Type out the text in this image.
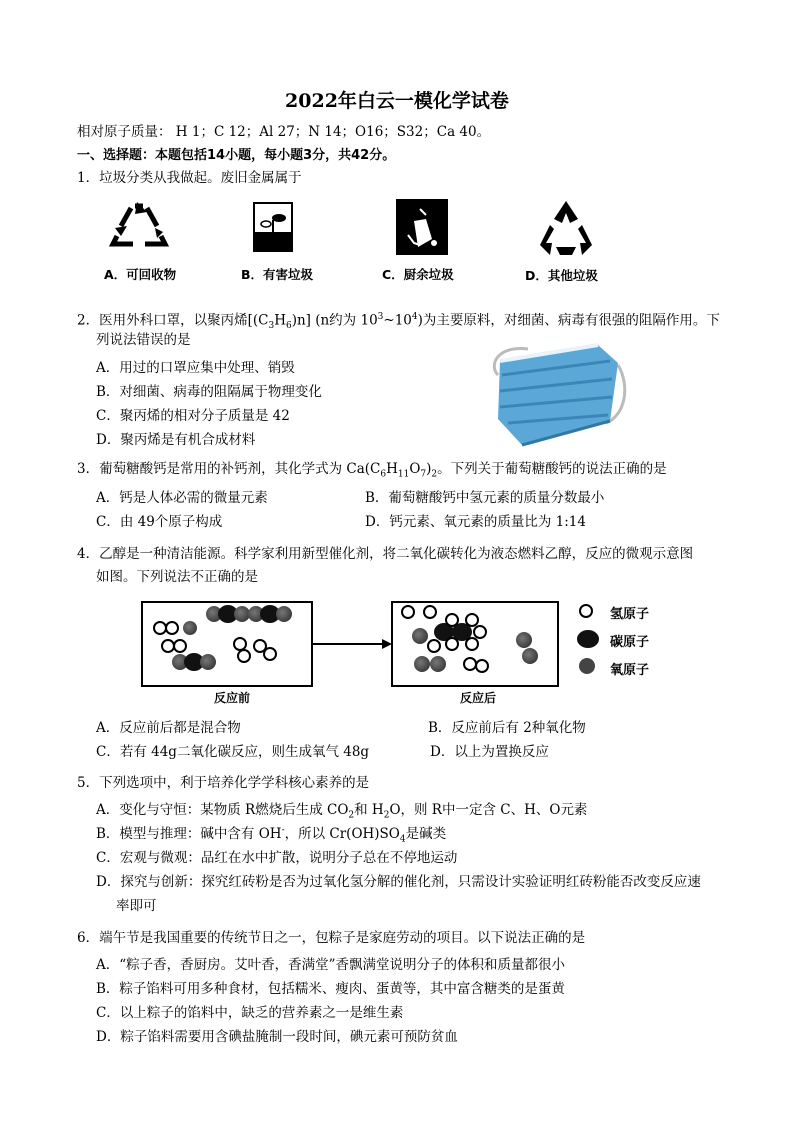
2022年白云一模化学试卷
相对原子质量： H 1；C 12；Al 27；N 14；O16；S32；Ca 40。
一、选择题：本题包括14小题，每小题3分，共42分。
1．垃圾分类从我做起。废旧金属属于
A．可回收物	B．有害垃圾	C．厨余垃圾	D．其他垃圾
2．医用外科口罩，以聚丙烯$[(C_3H_6)n]$ (n约为 $10^3\sim 10^4$)为主要原料，对细菌、病毒有很强的阻隔作用。下
列说法错误的是
A．用过的口罩应集中处理、销毁
B．对细菌、病毒的阻隔属于物理变化
C．聚丙烯的相对分子质量是 42
D．聚丙烯是有机合成材料
3．葡萄糖酸钙是常用的补钙剂，其化学式为 $Ca(C_6H_{11}O_7)_2$。下列关于葡萄糖酸钙的说法正确的是
A．钙是人体必需的微量元素	B．葡萄糖酸钙中氢元素的质量分数最小
C．由 49个原子构成	D．钙元素、氧元素的质量比为 1:14
4．乙醇是一种清洁能源。科学家利用新型催化剂，将二氧化碳转化为液态燃料乙醇，反应的微观示意图
如图。下列说法不正确的是
氢原子
碳原子
氧原子
反应前	反应后
A．反应前后都是混合物	B．反应前后有 2种氧化物
C．若有 44g二氧化碳反应，则生成氧气 48g	D．以上为置换反应
5．下列选项中，利于培养化学学科核心素养的是
A．变化与守恒：某物质 R燃烧后生成 $CO_2$和 $H_2O$，则 R中一定含 C、H、O元素
B．模型与推理：碱中含有 OH-，所以 $Cr(OH)SO_4$是碱类
C．宏观与微观：品红在水中扩散，说明分子总在不停地运动
D．探究与创新：探究红砖粉是否为过氧化氢分解的催化剂，只需设计实验证明红砖粉能否改变反应速
率即可
6．端午节是我国重要的传统节日之一，包粽子是家庭劳动的项目。以下说法正确的是
A．“粽子香，香厨房。艾叶香，香满堂”香飘满堂说明分子的体积和质量都很小
B．粽子馅料可用多种食材，包括糯米、瘦肉、蛋黄等，其中富含糖类的是蛋黄
C．以上粽子的馅料中，缺乏的营养素之一是维生素
D．粽子馅料需要用含碘盐腌制一段时间，碘元素可预防贫血
